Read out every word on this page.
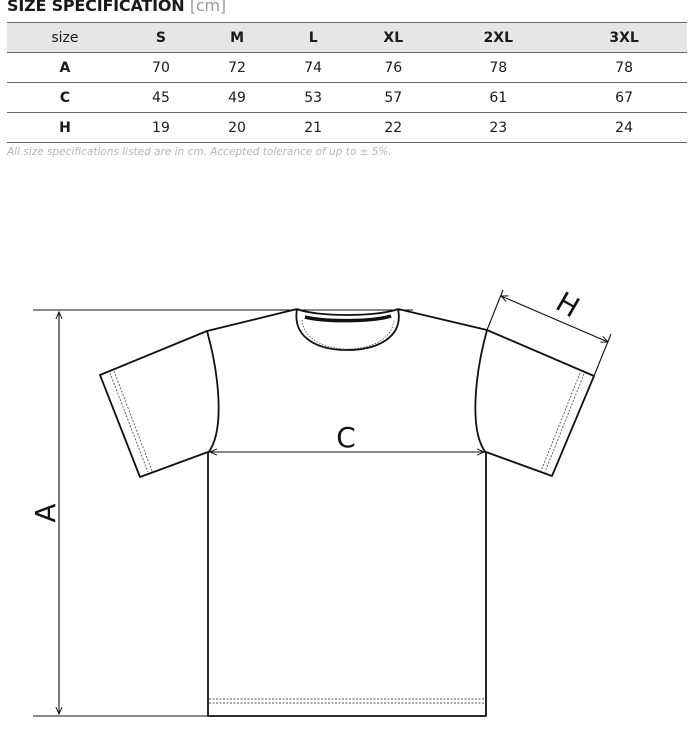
SIZE SPECIFICATION [cm]
size	S	M	L	XL	2XL	3XL
A	70	72	74	76	78	78
C	45	49	53	57	61	67
H	19	20	21	22	23	24
All size specifications listed are in cm. Accepted tolerance of up to ± 5%.
A
C
H
